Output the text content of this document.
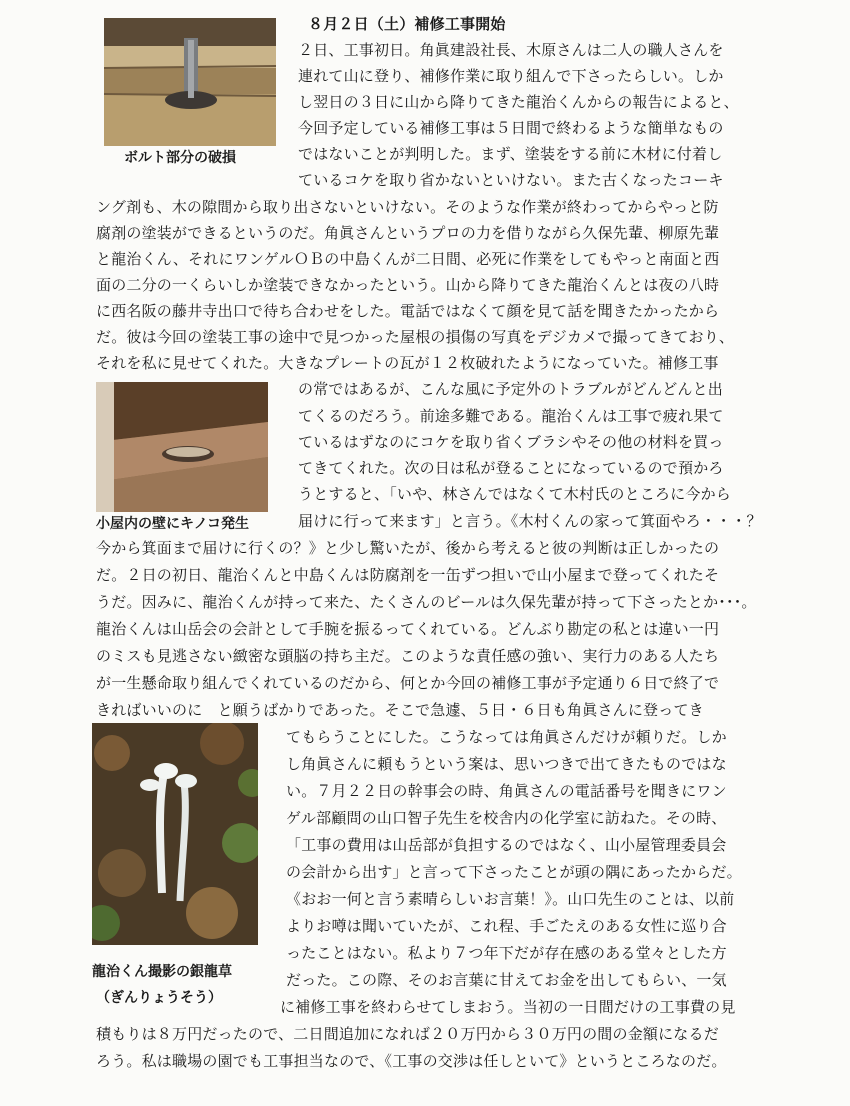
ボルト部分の破損

小屋内の壁にキノコ発生

龍治くん撮影の銀龍草

（ぎんりょうそう）

８月２日（土）補修工事開始

２日、工事初日。角眞建設社長、木原さんは二人の職人さんを

連れて山に登り、補修作業に取り組んで下さったらしい。しか

し翌日の３日に山から降りてきた龍治くんからの報告によると、

今回予定している補修工事は５日間で終わるような簡単なもの

ではないことが判明した。まず、塗装をする前に木材に付着し

ているコケを取り省かないといけない。また古くなったコーキ

ング剤も、木の隙間から取り出さないといけない。そのような作業が終わってからやっと防

腐剤の塗装ができるというのだ。角眞さんというプロの力を借りながら久保先輩、柳原先輩

と龍治くん、それにワンゲルＯＢの中島くんが二日間、必死に作業をしてもやっと南面と西

面の二分の一くらいしか塗装できなかったという。山から降りてきた龍治くんとは夜の八時

に西名阪の藤井寺出口で待ち合わせをした。電話ではなくて顔を見て話を聞きたかったから

だ。彼は今回の塗装工事の途中で見つかった屋根の損傷の写真をデジカメで撮ってきており、

それを私に見せてくれた。大きなプレートの瓦が１２枚破れたようになっていた。補修工事

の常ではあるが、こんな風に予定外のトラブルがどんどんと出

てくるのだろう。前途多難である。龍治くんは工事で疲れ果て

ているはずなのにコケを取り省くブラシやその他の材料を買っ

てきてくれた。次の日は私が登ることになっているので預かろ

うとすると、「いや、林さんではなくて木村氏のところに今から

届けに行って来ます」と言う。《木村くんの家って箕面やろ・・・？

今から箕面まで届けに行くの？》と少し驚いたが、後から考えると彼の判断は正しかったの

だ。２日の初日、龍治くんと中島くんは防腐剤を一缶ずつ担いで山小屋まで登ってくれたそ

うだ。因みに、龍治くんが持って来た、たくさんのビールは久保先輩が持って下さったとか･･･。

龍治くんは山岳会の会計として手腕を振るってくれている。どんぶり勘定の私とは違い一円

のミスも見逃さない緻密な頭脳の持ち主だ。このような責任感の強い、実行力のある人たち

が一生懸命取り組んでくれているのだから、何とか今回の補修工事が予定通り６日で終了で

きればいいのに　と願うばかりであった。そこで急遽、５日・６日も角眞さんに登ってき

てもらうことにした。こうなっては角眞さんだけが頼りだ。しか

し角眞さんに頼もうという案は、思いつきで出てきたものではな

い。７月２２日の幹事会の時、角眞さんの電話番号を聞きにワン

ゲル部顧問の山口智子先生を校舎内の化学室に訪ねた。その時、

「工事の費用は山岳部が負担するのではなく、山小屋管理委員会

の会計から出す」と言って下さったことが頭の隅にあったからだ。

《おお一何と言う素晴らしいお言葉！》。山口先生のことは、以前

よりお噂は聞いていたが、これ程、手ごたえのある女性に巡り合

ったことはない。私より７つ年下だが存在感のある堂々とした方

だった。この際、そのお言葉に甘えてお金を出してもらい、一気

に補修工事を終わらせてしまおう。当初の一日間だけの工事費の見

積もりは８万円だったので、二日間追加になれば２０万円から３０万円の間の金額になるだ

ろう。私は職場の園でも工事担当なので、《工事の交渉は任しといて》というところなのだ。
